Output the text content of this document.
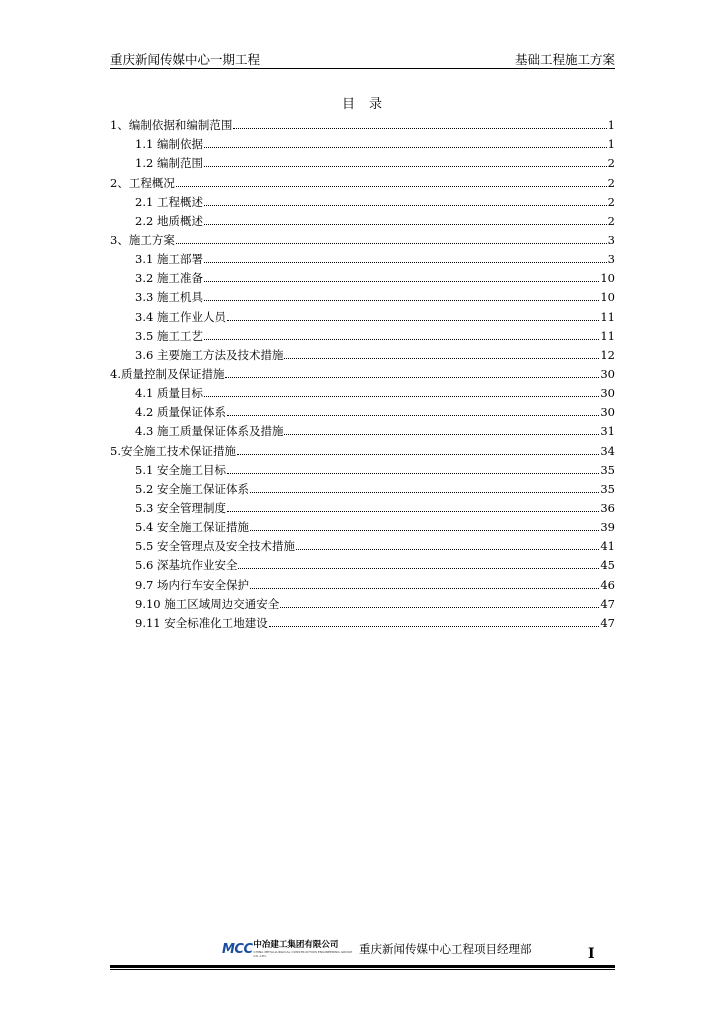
重庆新闻传媒中心一期工程	基础工程施工方案
目录
1、编制依据和编制范围	1
1.1 编制依据	1
1.2 编制范围	2
2、工程概况	2
2.1 工程概述	2
2.2 地质概述	2
3、施工方案	3
3.1 施工部署	3
3.2 施工准备	10
3.3 施工机具	10
3.4 施工作业人员	11
3.5 施工工艺	11
3.6 主要施工方法及技术措施	12
4.质量控制及保证措施	30
4.1 质量目标	30
4.2 质量保证体系	30
4.3 施工质量保证体系及措施	31
5.安全施工技术保证措施	34
5.1 安全施工目标	35
5.2 安全施工保证体系	35
5.3 安全管理制度	36
5.4 安全施工保证措施	39
5.5 安全管理点及安全技术措施	41
5.6 深基坑作业安全	45
9.7 场内行车安全保护	46
9.10 施工区域周边交通安全	47
9.11 安全标准化工地建设	47
MCC 中冶建工集团有限公司
CHINA METALLURGICAL CONSTRUCTION ENGINEERING GROUP CO.,LTD.	重庆新闻传媒中心工程项目经理部	I
